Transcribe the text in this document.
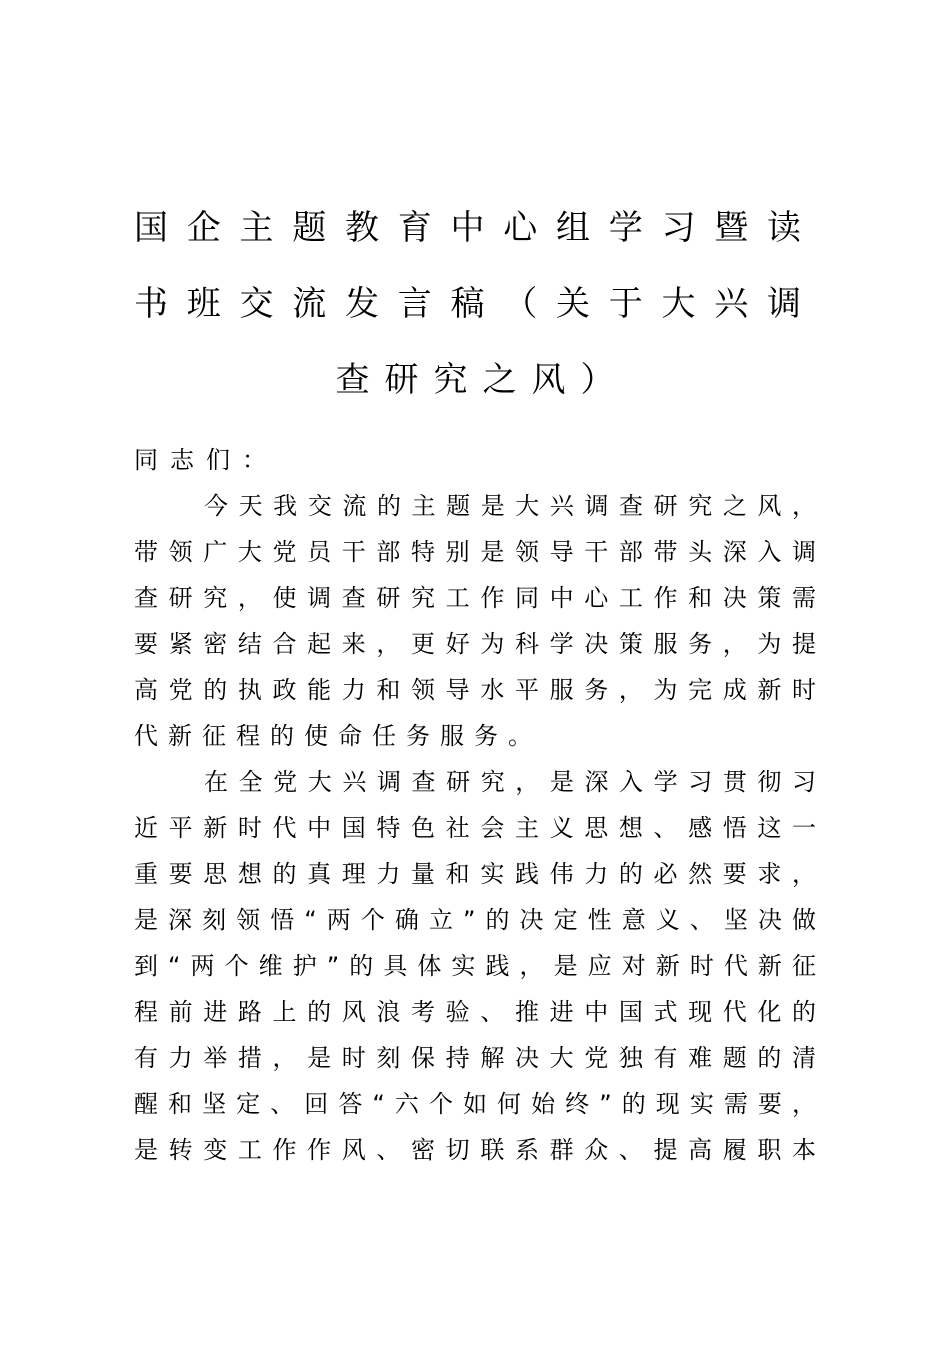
国企主题教育中心组学习暨读
书班交流发言稿（关于大兴调
查研究之风）
同志们：
今天我交流的主题是大兴调查研究之风，
带领广大党员干部特别是领导干部带头深入调
查研究，使调查研究工作同中心工作和决策需
要紧密结合起来，更好为科学决策服务，为提
高党的执政能力和领导水平服务，为完成新时
代新征程的使命任务服务。
在全党大兴调查研究，是深入学习贯彻习
近平新时代中国特色社会主义思想、感悟这一
重要思想的真理力量和实践伟力的必然要求，
是深刻领悟“两个确立”的决定性意义、坚决做
到“两个维护”的具体实践，是应对新时代新征
程前进路上的风浪考验、推进中国式现代化的
有力举措，是时刻保持解决大党独有难题的清
醒和坚定、回答“六个如何始终”的现实需要，
是转变工作作风、密切联系群众、提高履职本
